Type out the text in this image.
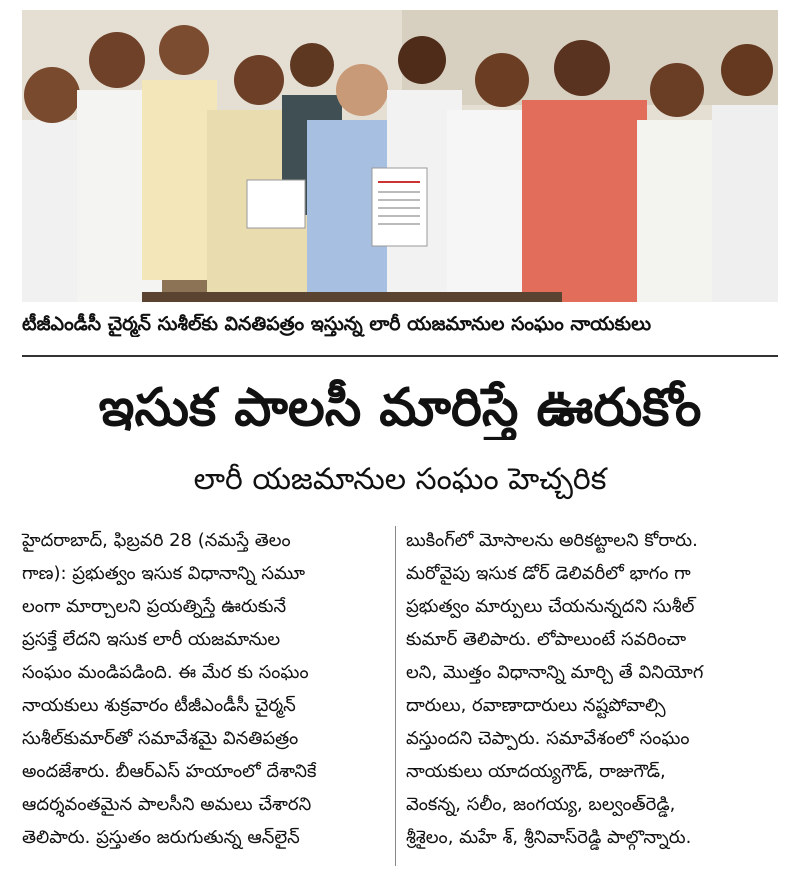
టీజీఎండీసీ చైర్మన్ సుశీల్‌కు వినతిపత్రం ఇస్తున్న లారీ యజమానుల సంఘం నాయకులు
ఇసుక పాలసీ మారిస్తే ఊరుకోం
లారీ యజమానుల సంఘం హెచ్చరిక
హైదరాబాద్, ఫిబ్రవరి 28 (నమస్తే తెలం
గాణ): ప్రభుత్వం ఇసుక విధానాన్ని సమూ
లంగా మార్చాలని ప్రయత్నిస్తే ఊరుకునే
ప్రసక్తే లేదని ఇసుక లారీ యజమానుల
సంఘం మండిపడింది. ఈ మేర కు సంఘం
నాయకులు శుక్రవారం టీజీఎండీసీ చైర్మన్
సుశీల్‌కుమార్‌తో సమావేశమై వినతిపత్రం
అందజేశారు. బీఆర్‌ఎస్ హయాంలో దేశానికే
ఆదర్శవంతమైన పాలసీని అమలు చేశారని
తెలిపారు. ప్రస్తుతం జరుగుతున్న ఆన్‌లైన్
బుకింగ్‌లో మోసాలను అరికట్టాలని కోరారు.
మరోవైపు ఇసుక డోర్ డెలివరీలో భాగం గా
ప్రభుత్వం మార్పులు చేయనున్నదని సుశీల్
కుమార్ తెలిపారు. లోపాలుంటే సవరించా
లని, మొత్తం విధానాన్ని మార్చి తే వినియోగ
దారులు, రవాణాదారులు నష్టపోవాల్సి
వస్తుందని చెప్పారు. సమావేశంలో సంఘం
నాయకులు యాదయ్యగౌడ్, రాజుగౌడ్,
వెంకన్న, సలీం, జంగయ్య, బల్వంత్‌రెడ్డి,
శ్రీశైలం, మహే శ్, శ్రీనివాస్‌రెడ్డి పాల్గొన్నారు.
